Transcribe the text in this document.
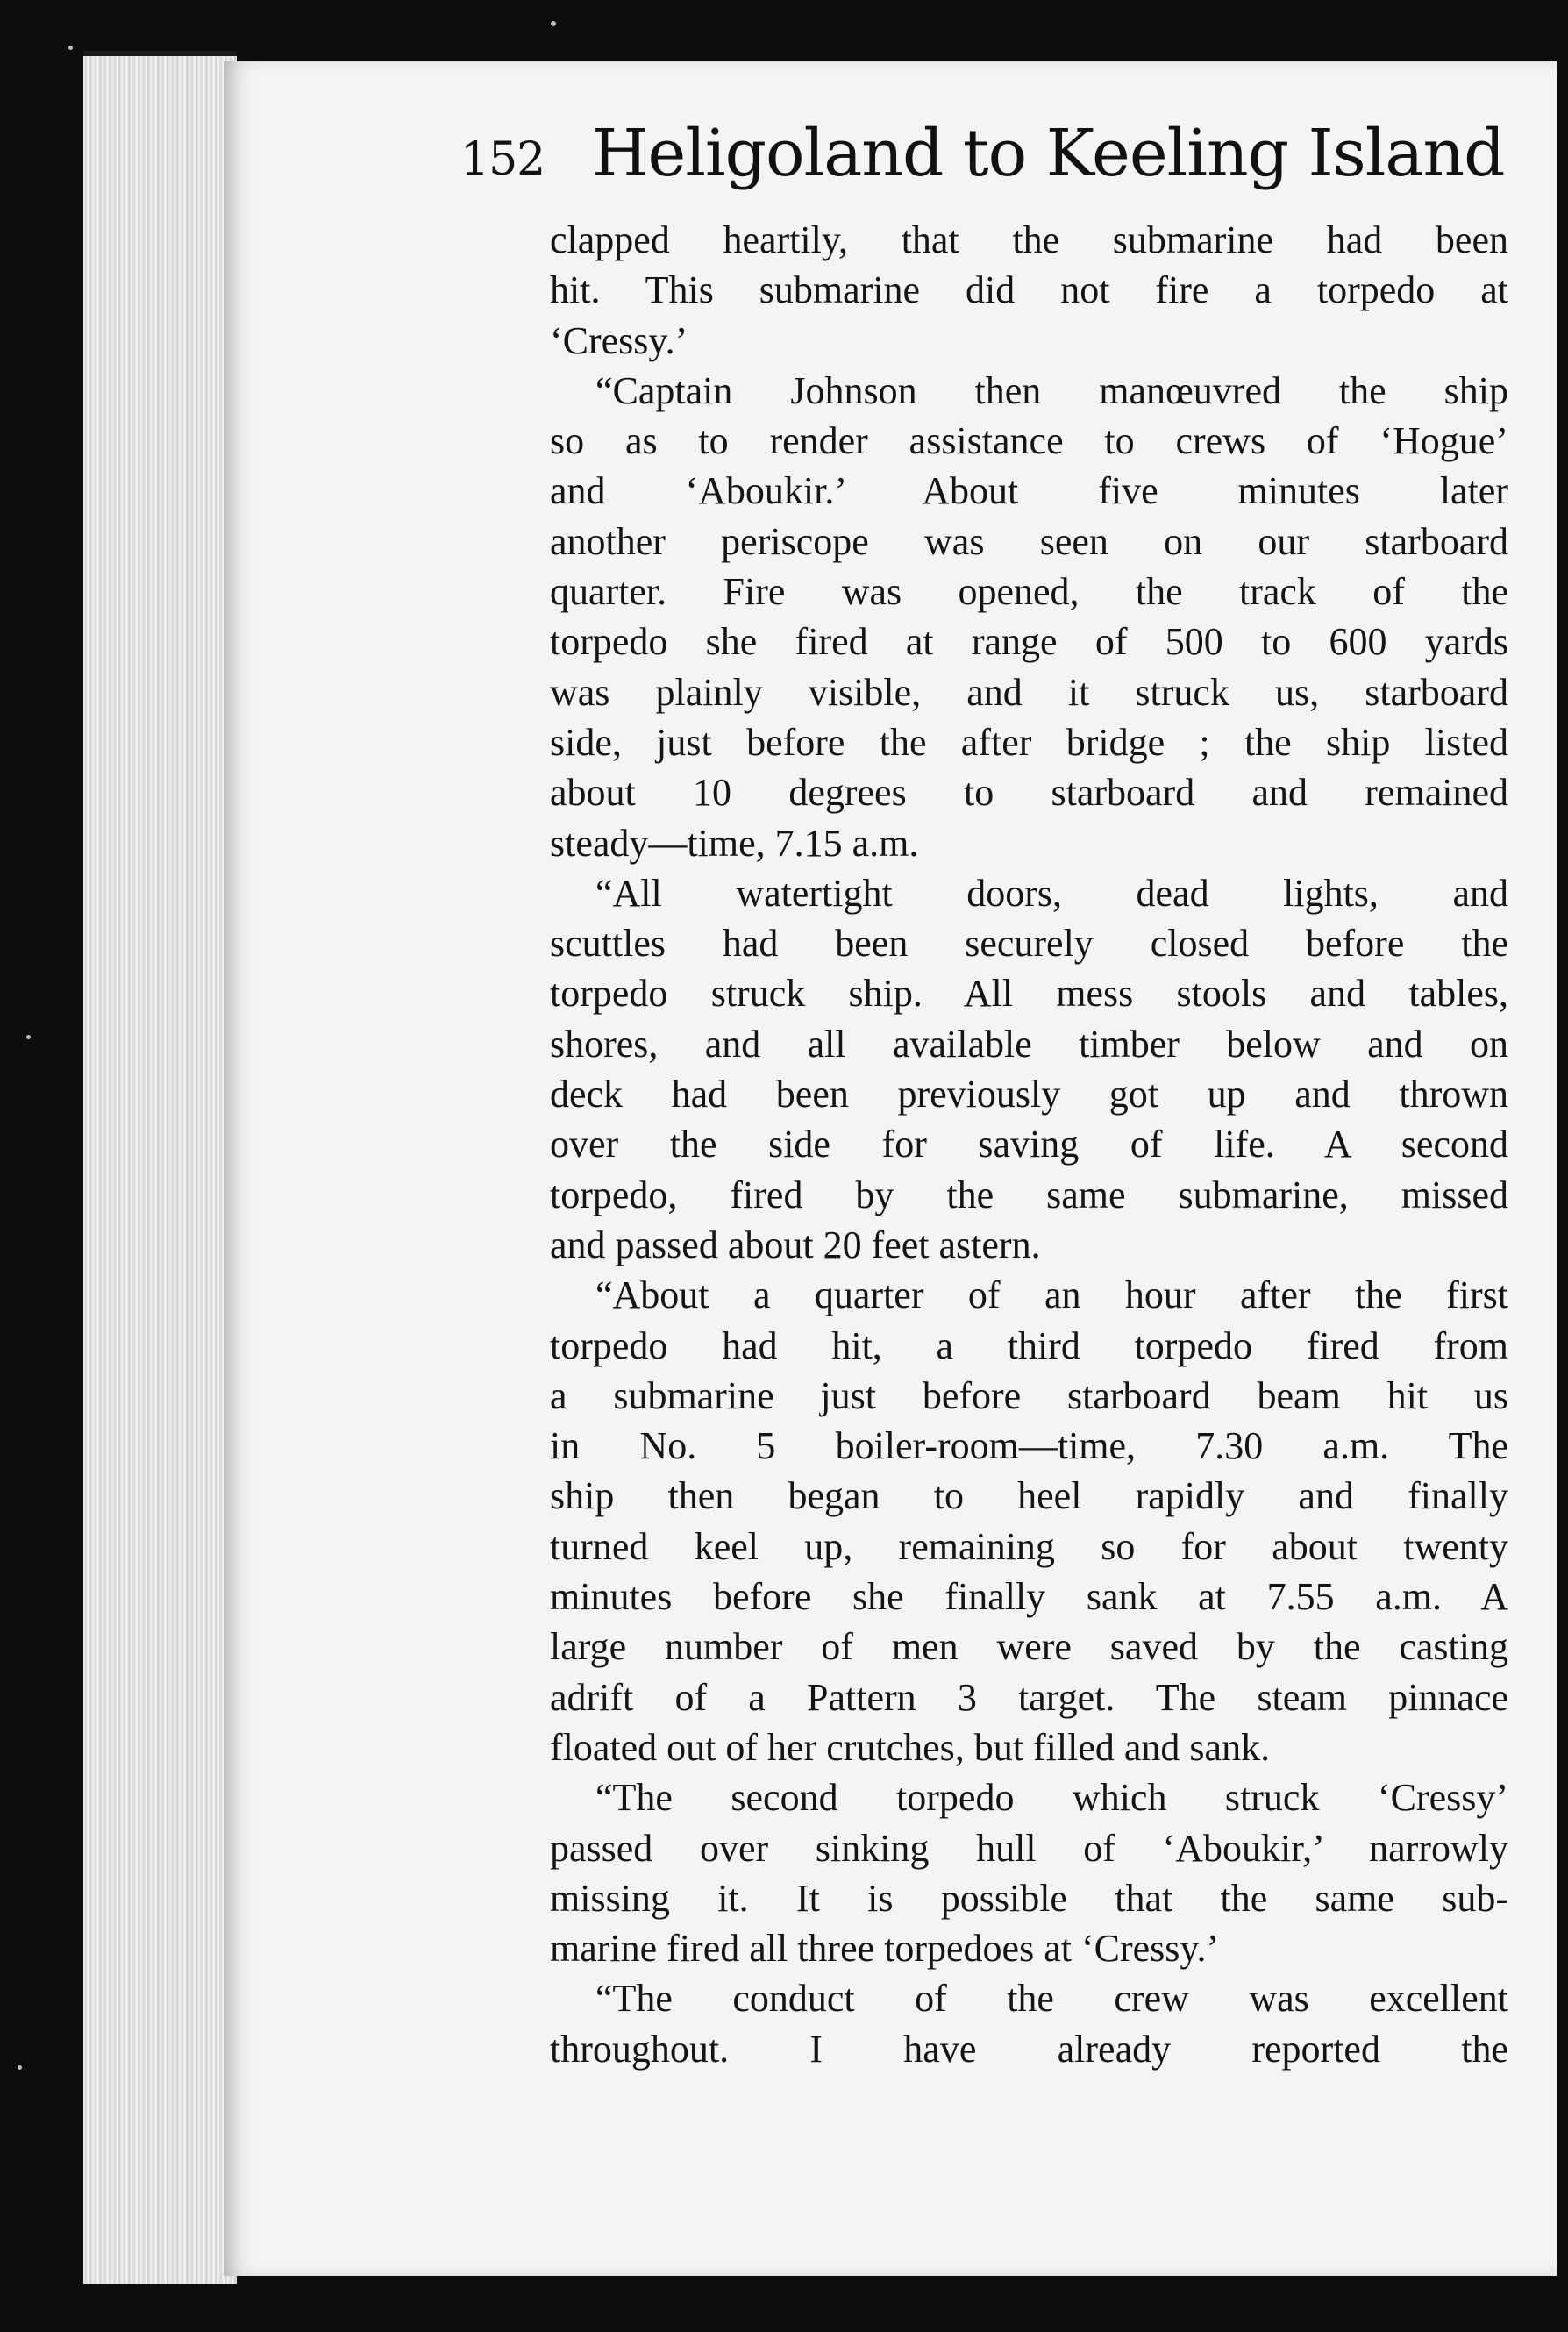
152 Heligoland to Keeling Island
clapped heartily, that the submarine had been
hit. This submarine did not fire a torpedo at
‘Cressy.’
“Captain Johnson then manœuvred the ship
so as to render assistance to crews of ‘Hogue’
and ‘Aboukir.’ About five minutes later
another periscope was seen on our starboard
quarter. Fire was opened, the track of the
torpedo she fired at range of 500 to 600 yards
was plainly visible, and it struck us, starboard
side, just before the after bridge ; the ship listed
about 10 degrees to starboard and remained
steady—time, 7.15 a.m.
“All watertight doors, dead lights, and
scuttles had been securely closed before the
torpedo struck ship. All mess stools and tables,
shores, and all available timber below and on
deck had been previously got up and thrown
over the side for saving of life. A second
torpedo, fired by the same submarine, missed
and passed about 20 feet astern.
“About a quarter of an hour after the first
torpedo had hit, a third torpedo fired from
a submarine just before starboard beam hit us
in No. 5 boiler-room—time, 7.30 a.m. The
ship then began to heel rapidly and finally
turned keel up, remaining so for about twenty
minutes before she finally sank at 7.55 a.m. A
large number of men were saved by the casting
adrift of a Pattern 3 target. The steam pinnace
floated out of her crutches, but filled and sank.
“The second torpedo which struck ‘Cressy’
passed over sinking hull of ‘Aboukir,’ narrowly
missing it. It is possible that the same sub-
marine fired all three torpedoes at ‘Cressy.’
“The conduct of the crew was excellent
throughout. I have already reported the
